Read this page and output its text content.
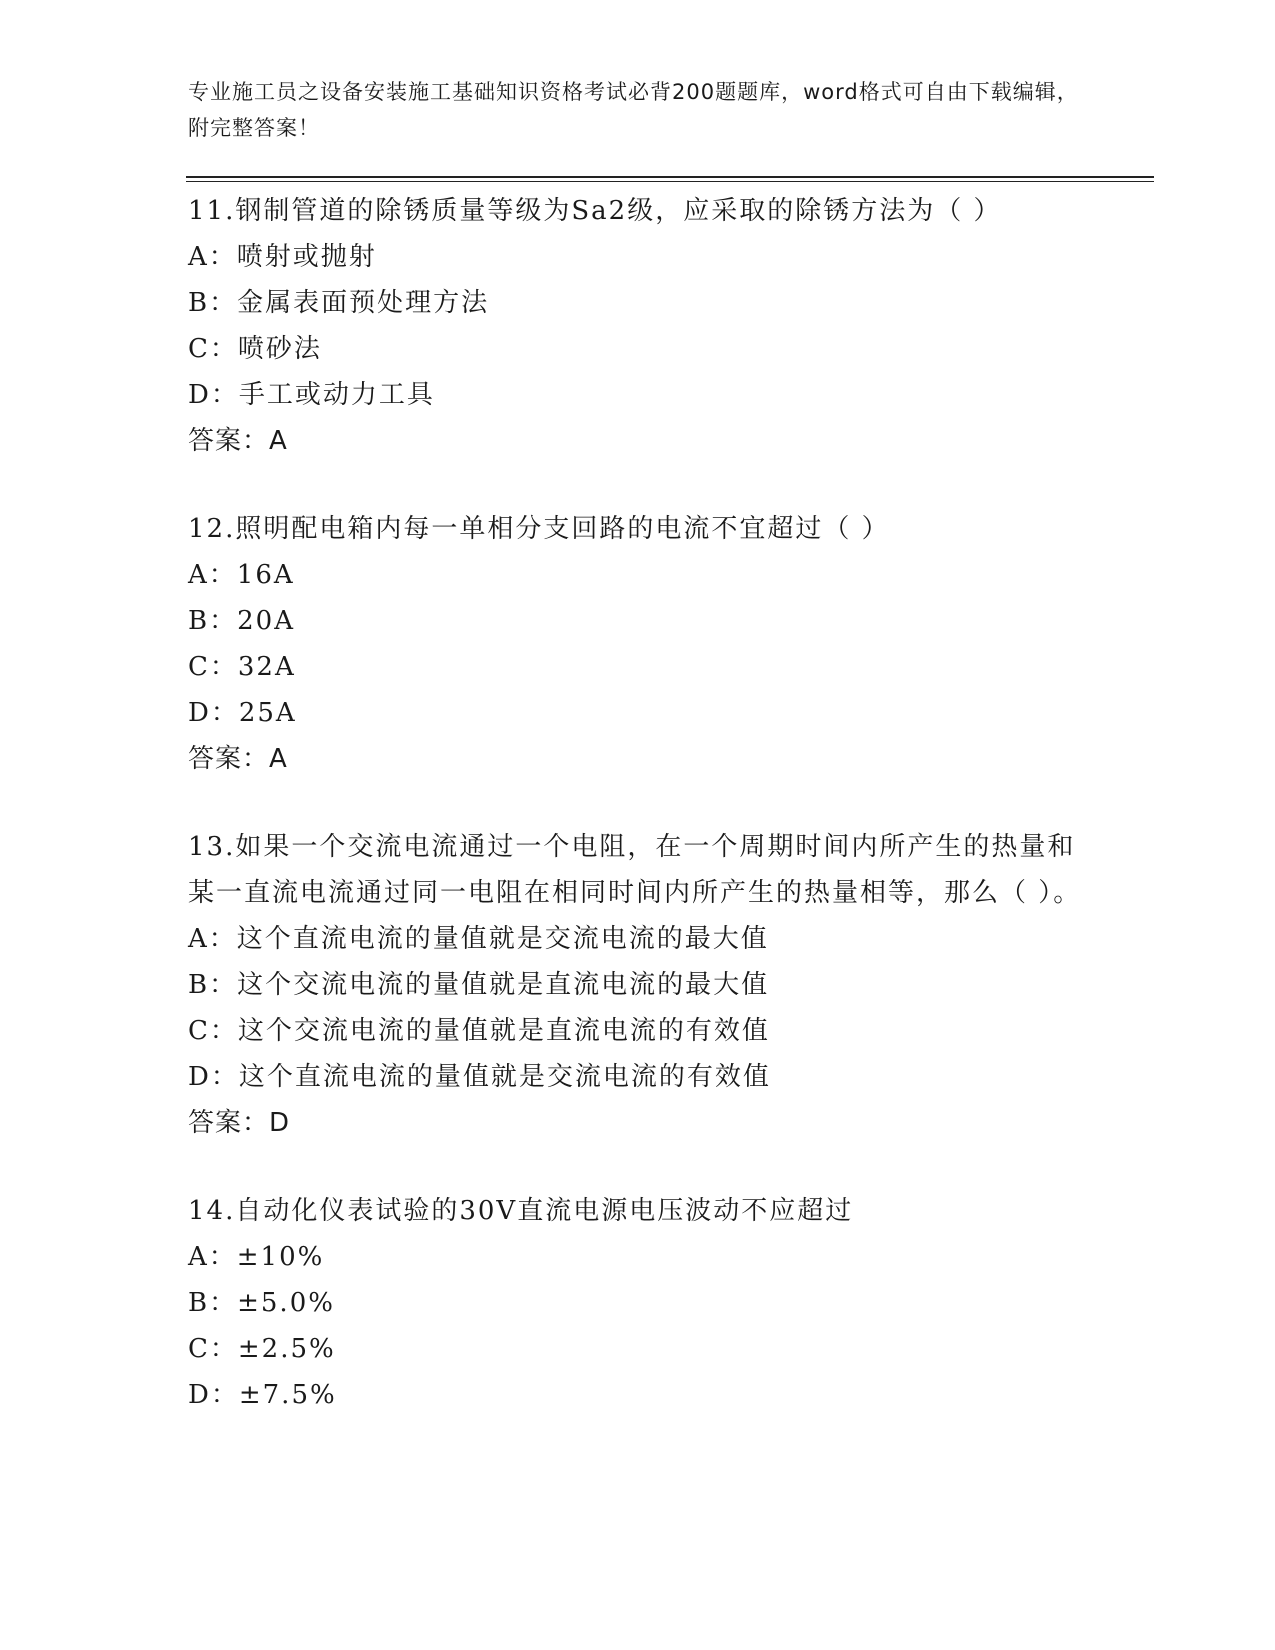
专业施工员之设备安装施工基础知识资格考试必背200题题库，word格式可自由下载编辑，附完整答案！
11.钢制管道的除锈质量等级为Sa2级，应采取的除锈方法为（ ）
A：喷射或抛射
B：金属表面预处理方法
C：喷砂法
D：手工或动力工具
答案：A
12.照明配电箱内每一单相分支回路的电流不宜超过（ ）
A：16A
B：20A
C：32A
D：25A
答案：A
13.如果一个交流电流通过一个电阻，在一个周期时间内所产生的热量和某一直流电流通过同一电阻在相同时间内所产生的热量相等，那么（ ）。
A：这个直流电流的量值就是交流电流的最大值
B：这个交流电流的量值就是直流电流的最大值
C：这个交流电流的量值就是直流电流的有效值
D：这个直流电流的量值就是交流电流的有效值
答案：D
14.自动化仪表试验的30V直流电源电压波动不应超过
A：±10%
B：±5.0%
C：±2.5%
D：±7.5%
